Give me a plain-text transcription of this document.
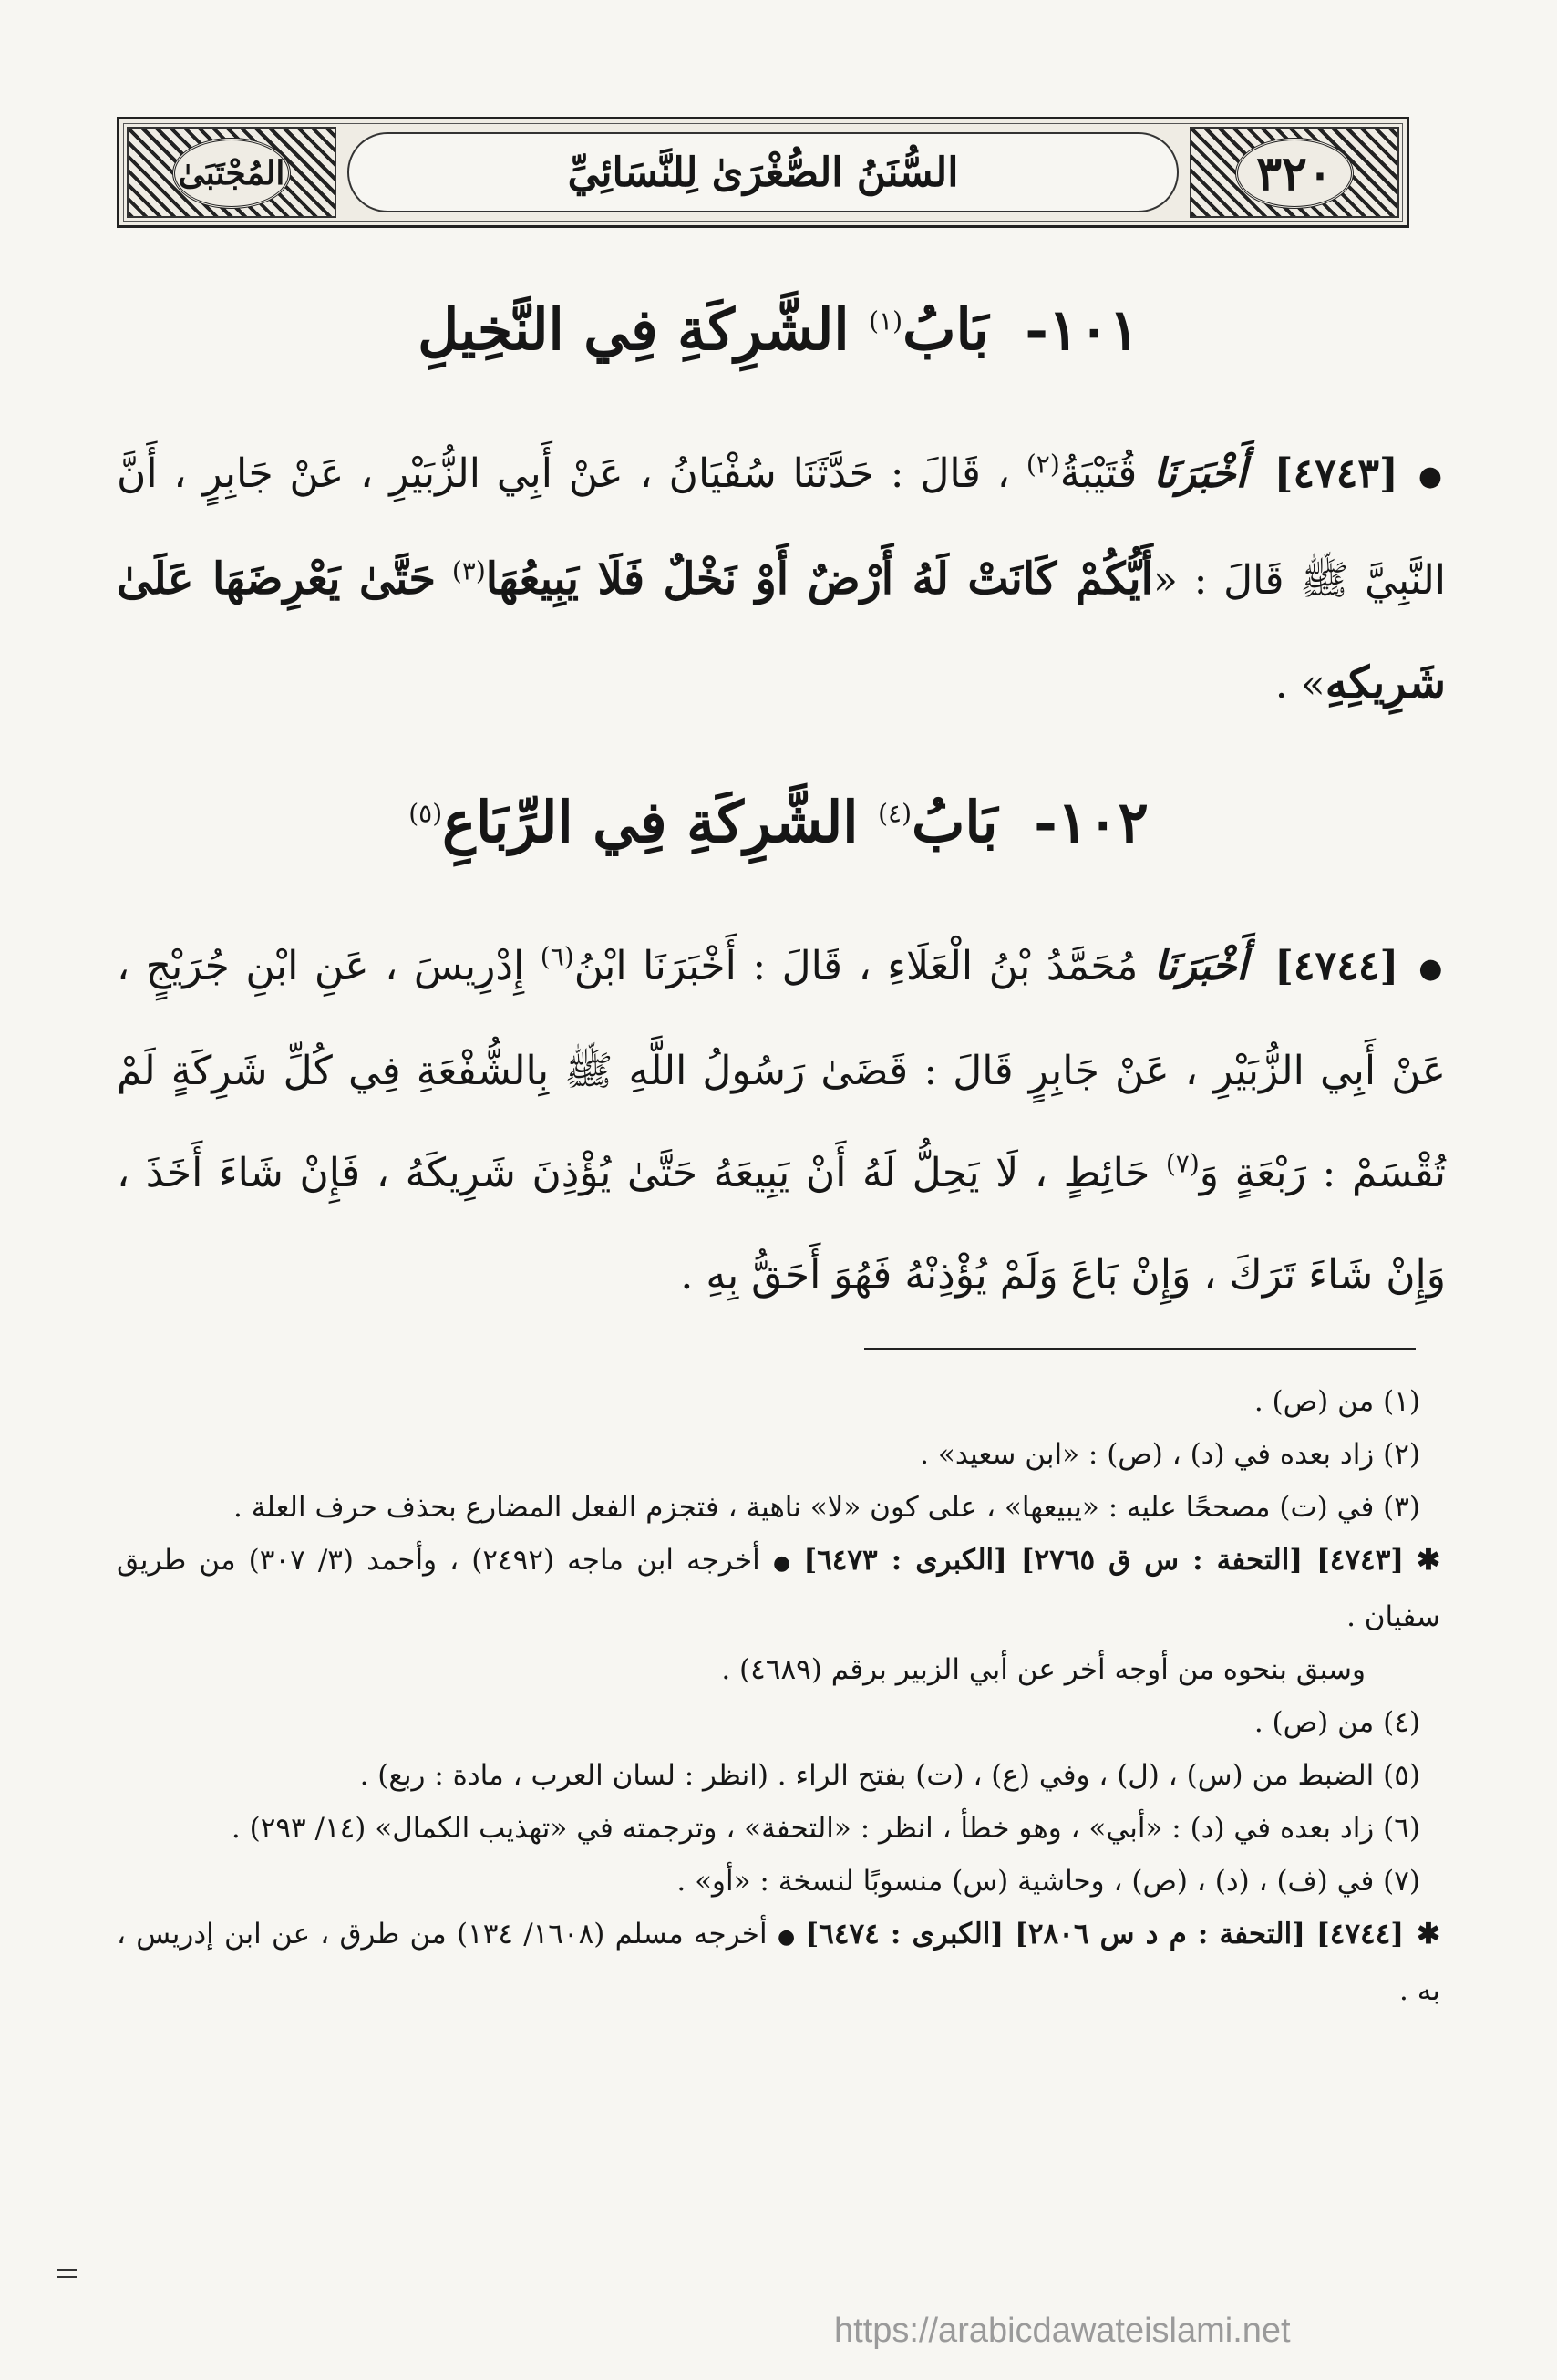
المُجْتَبَىٰ	السُّنَنُ الصُّغْرَىٰ لِلنَّسَائِيِّ	٣٢٠
١٠١- بَابُ$^{(١)}$ الشَّرِكَةِ فِي النَّخِيلِ
●[٤٧٤٣] أَخْبَرَنَا قُتَيْبَةُ$^{(٢)}$ ، قَالَ : حَدَّثَنَا سُفْيَانُ ، عَنْ أَبِي الزُّبَيْرِ ، عَنْ جَابِرٍ ، أَنَّ النَّبِيَّ ﷺ قَالَ : «أَيُّكُمْ كَانَتْ لَهُ أَرْضٌ أَوْ نَخْلٌ فَلَا يَبِيعُهَا$^{(٣)}$ حَتَّىٰ يَعْرِضَهَا عَلَىٰ شَرِيكِهِ» .
١٠٢- بَابُ$^{(٤)}$ الشَّرِكَةِ فِي الرِّبَاعِ$^{(٥)}$
●[٤٧٤٤] أَخْبَرَنَا مُحَمَّدُ بْنُ الْعَلَاءِ ، قَالَ : أَخْبَرَنَا ابْنُ$^{(٦)}$ إِدْرِيسَ ، عَنِ ابْنِ جُرَيْجٍ ، عَنْ أَبِي الزُّبَيْرِ ، عَنْ جَابِرٍ قَالَ : قَضَىٰ رَسُولُ اللَّهِ ﷺ بِالشُّفْعَةِ فِي كُلِّ شَرِكَةٍ لَمْ تُقْسَمْ : رَبْعَةٍ وَ$^{(٧)}$ حَائِطٍ ، لَا يَحِلُّ لَهُ أَنْ يَبِيعَهُ حَتَّىٰ يُؤْذِنَ شَرِيكَهُ ، فَإِنْ شَاءَ أَخَذَ ، وَإِنْ شَاءَ تَرَكَ ، وَإِنْ بَاعَ وَلَمْ يُؤْذِنْهُ فَهُوَ أَحَقُّ بِهِ .
(١) من (ص) .
(٢) زاد بعده في (د) ، (ص) : «ابن سعيد» .
(٣) في (ت) مصححًا عليه : «يبيعها» ، على كون «لا» ناهية ، فتجزم الفعل المضارع بحذف حرف العلة .
✱[٤٧٤٣] [التحفة : س ق ٢٧٦٥] [الكبرى : ٦٤٧٣]●أخرجه ابن ماجه (٢٤٩٢) ، وأحمد (٣/ ٣٠٧) من طريق سفيان .
وسبق بنحوه من أوجه أخر عن أبي الزبير برقم (٤٦٨٩) .
(٤) من (ص) .
(٥) الضبط من (س) ، (ل) ، وفي (ع) ، (ت) بفتح الراء . (انظر : لسان العرب ، مادة : ربع) .
(٦) زاد بعده في (د) : «أبي» ، وهو خطأ ، انظر : «التحفة» ، وترجمته في «تهذيب الكمال» (١٤/ ٢٩٣) .
(٧) في (ف) ، (د) ، (ص) ، وحاشية (س) منسوبًا لنسخة : «أو» .
✱[٤٧٤٤] [التحفة : م د س ٢٨٠٦] [الكبرى : ٦٤٧٤]●أخرجه مسلم (١٦٠٨/ ١٣٤) من طرق ، عن ابن إدريس ، به .
https://arabicdawateislami.net
